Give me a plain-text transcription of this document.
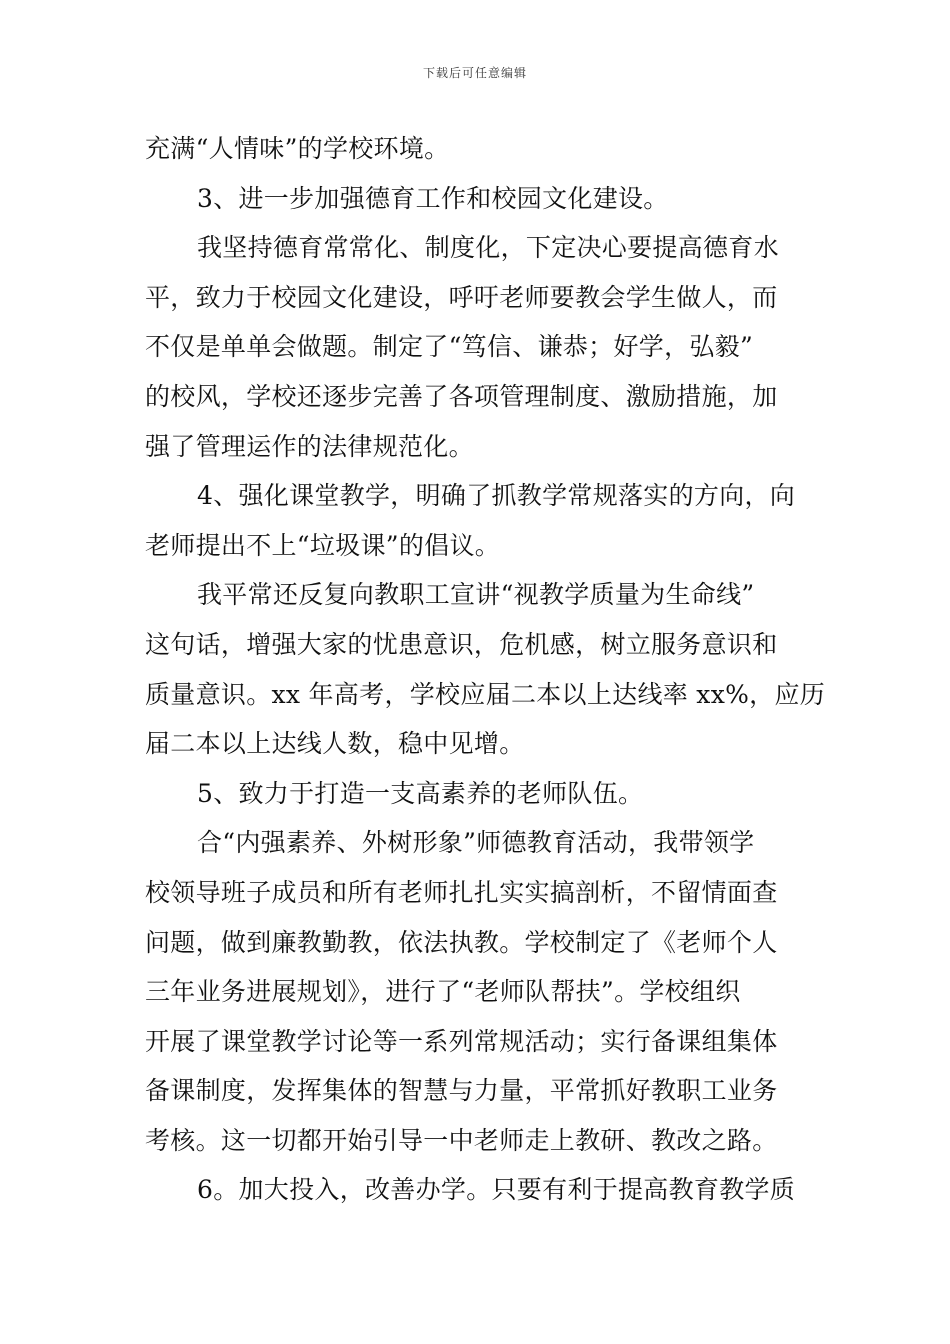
下载后可任意编辑
充满“人情味”的学校环境。
3、进一步加强德育工作和校园文化建设。
我坚持德育常常化、制度化，下定决心要提高德育水
平，致力于校园文化建设，呼吁老师要教会学生做人，而
不仅是单单会做题。制定了“笃信、谦恭；好学，弘毅”
的校风，学校还逐步完善了各项管理制度、激励措施，加
强了管理运作的法律规范化。
4、强化课堂教学，明确了抓教学常规落实的方向，向
老师提出不上“垃圾课”的倡议。
我平常还反复向教职工宣讲“视教学质量为生命线”
这句话，增强大家的忧患意识，危机感，树立服务意识和
质量意识。xx 年高考，学校应届二本以上达线率 xx%，应历
届二本以上达线人数，稳中见增。
5、致力于打造一支高素养的老师队伍。
合“内强素养、外树形象”师德教育活动，我带领学
校领导班子成员和所有老师扎扎实实搞剖析，不留情面查
问题，做到廉教勤教，依法执教。学校制定了《老师个人
三年业务进展规划》，进行了“老师队帮扶”。学校组织
开展了课堂教学讨论等一系列常规活动；实行备课组集体
备课制度，发挥集体的智慧与力量，平常抓好教职工业务
考核。这一切都开始引导一中老师走上教研、教改之路。
6。加大投入，改善办学。只要有利于提高教育教学质
